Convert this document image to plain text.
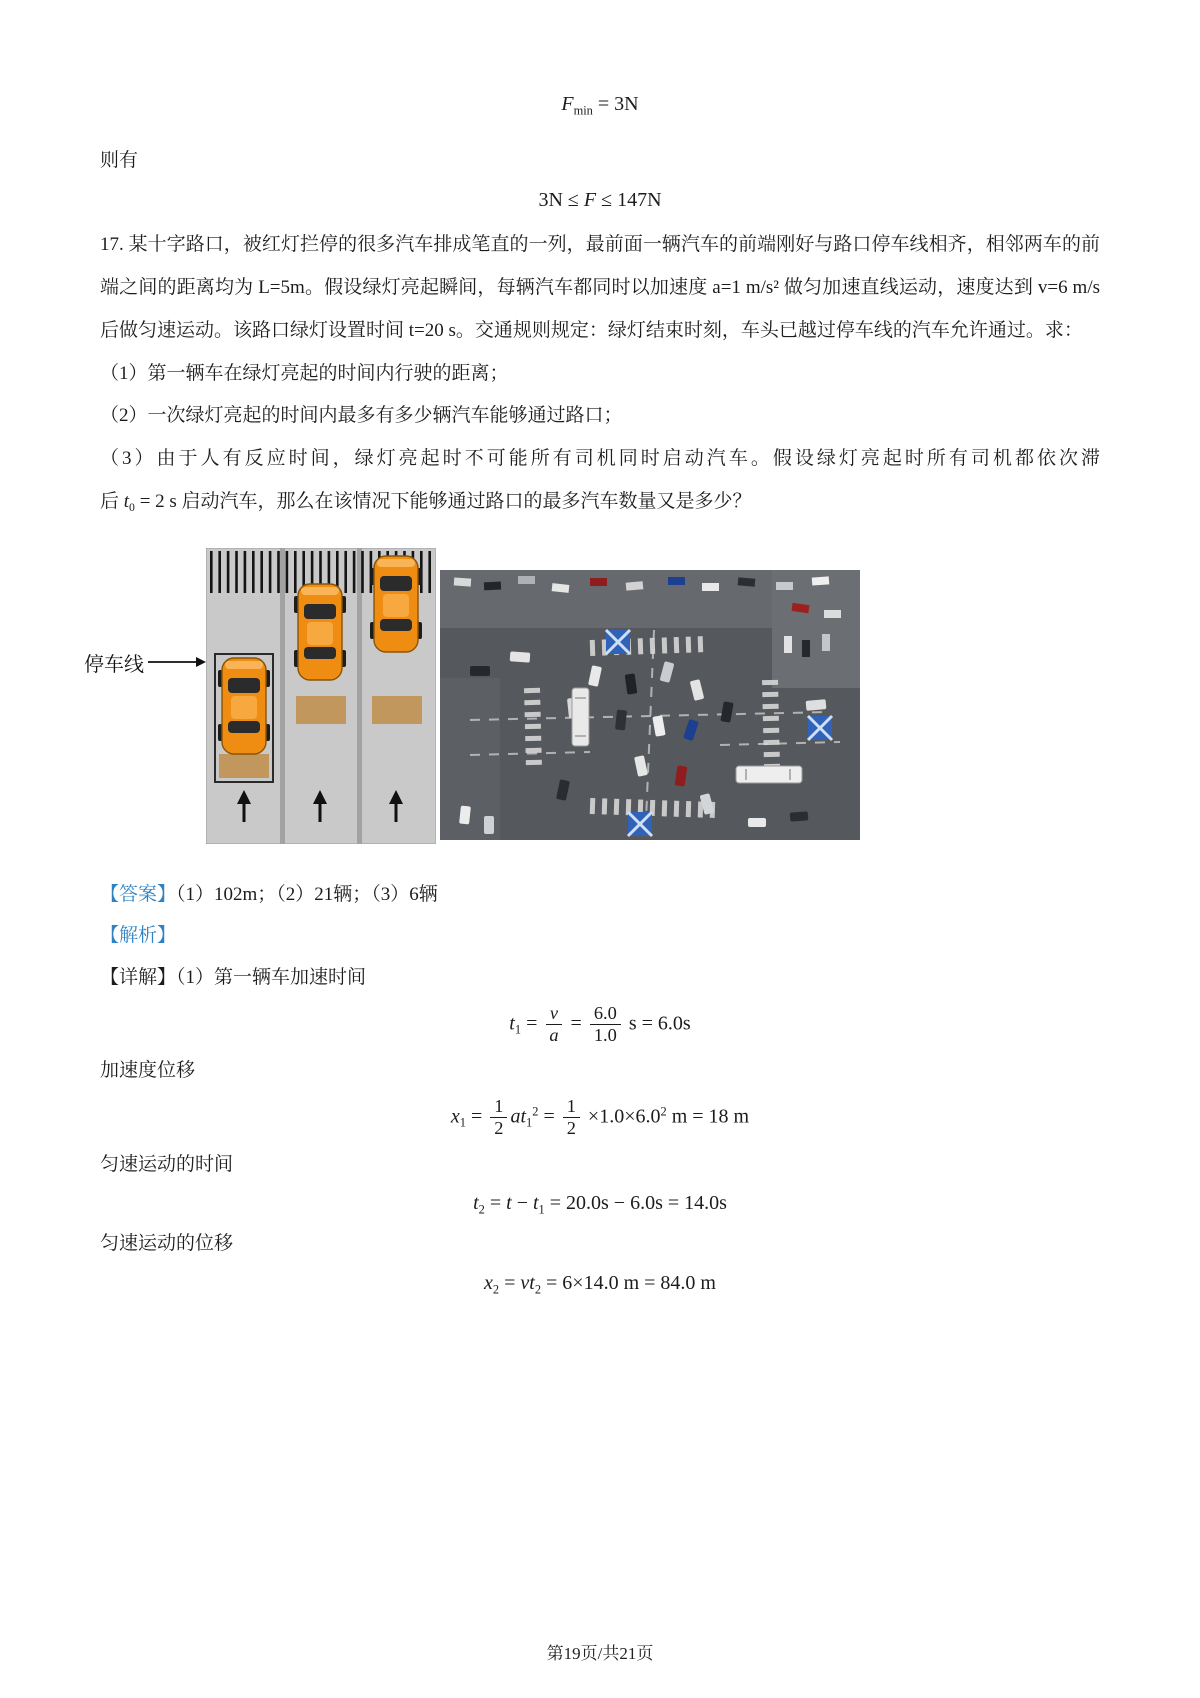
$F_{min} = 3N$
则有
3N ≤ F ≤ 147N
17. 某十字路口，被红灯拦停的很多汽车排成笔直的一列，最前面一辆汽车的前端刚好与路口停车线相齐，相邻两车的前端之间的距离均为 L=5m。假设绿灯亮起瞬间，每辆汽车都同时以加速度 a=1 m/s² 做匀加速直线运动，速度达到 v=6 m/s 后做匀速运动。该路口绿灯设置时间 t=20 s。交通规则规定：绿灯结束时刻，车头已越过停车线的汽车允许通过。求：
（1）第一辆车在绿灯亮起的时间内行驶的距离；
（2）一次绿灯亮起的时间内最多有多少辆汽车能够通过路口；
（3）由于人有反应时间，绿灯亮起时不可能所有司机同时启动汽车。假设绿灯亮起时所有司机都依次滞
后 $t_0 = 2$ s 启动汽车，那么在该情况下能够通过路口的最多汽车数量又是多少？
停车线
【答案】（1）102m；（2）21辆；（3）6辆
【解析】
【详解】（1）第一辆车加速时间
$t_1 = \frac{v}{a} = \frac{6.0}{1.0}$ s = 6.0s
加速度位移
$x_1 = \frac{1}{2} at_1^2 = \frac{1}{2} \times 1.0\times 6.0^2$ m = 18 m
匀速运动的时间
$t_2 = t - t_1 = 20.0s - 6.0s = 14.0s$
匀速运动的位移
$x_2 = vt_2 = 6\times 14.0$ m = 84.0 m
第19页/共21页
